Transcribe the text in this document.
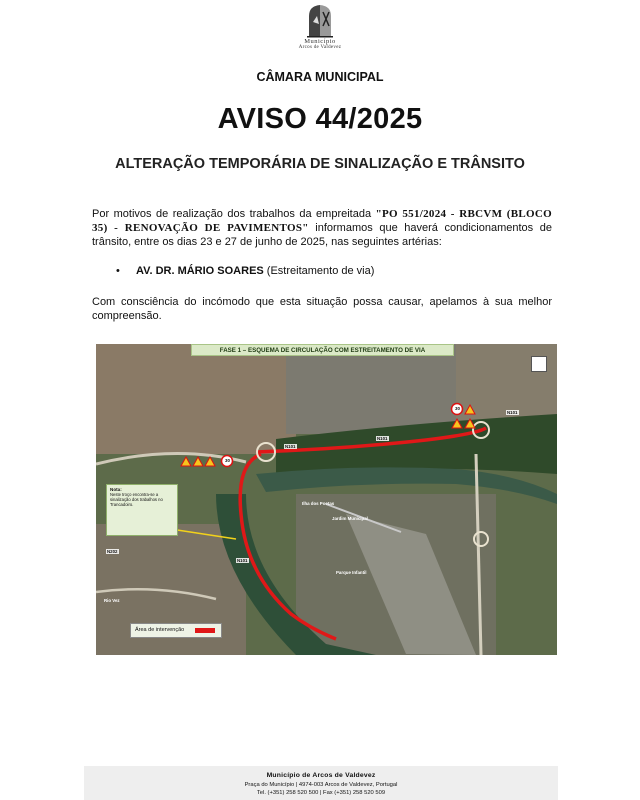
Município
Arcos de Valdevez
CÂMARA MUNICIPAL
AVISO 44/2025
ALTERAÇÃO TEMPORÁRIA DE SINALIZAÇÃO E TRÂNSITO
Por motivos de realização dos trabalhos da empreitada "PO 551/2024 - RBCVM (BLOCO 35) - RENOVAÇÃO DE PAVIMENTOS" informamos que haverá condicionamentos de trânsito, entre os dias 23 e 27 de junho de 2025, nas seguintes artérias:
• AV. DR. MÁRIO SOARES (Estreitamento de via)
Com consciência do incómodo que esta situação possa causar, apelamos à sua melhor compreensão.
FASE 1 – ESQUEMA DE CIRCULAÇÃO COM ESTREITAMENTO DE VIA
30
30
N101
N101
N101
N101
N202
Ilha dos Poetas
Jardim Municipal
Parque Infantil
Rio Vez
Nota:
Neste troço encontra-se a sinalização dos trabalhos no Trancadoiro.
Área de intervenção
Município de Arcos de Valdevez
Praça do Município | 4974-003 Arcos de Valdevez, Portugal
Tel. (+351) 258 520 500 | Fax (+351) 258 520 509
